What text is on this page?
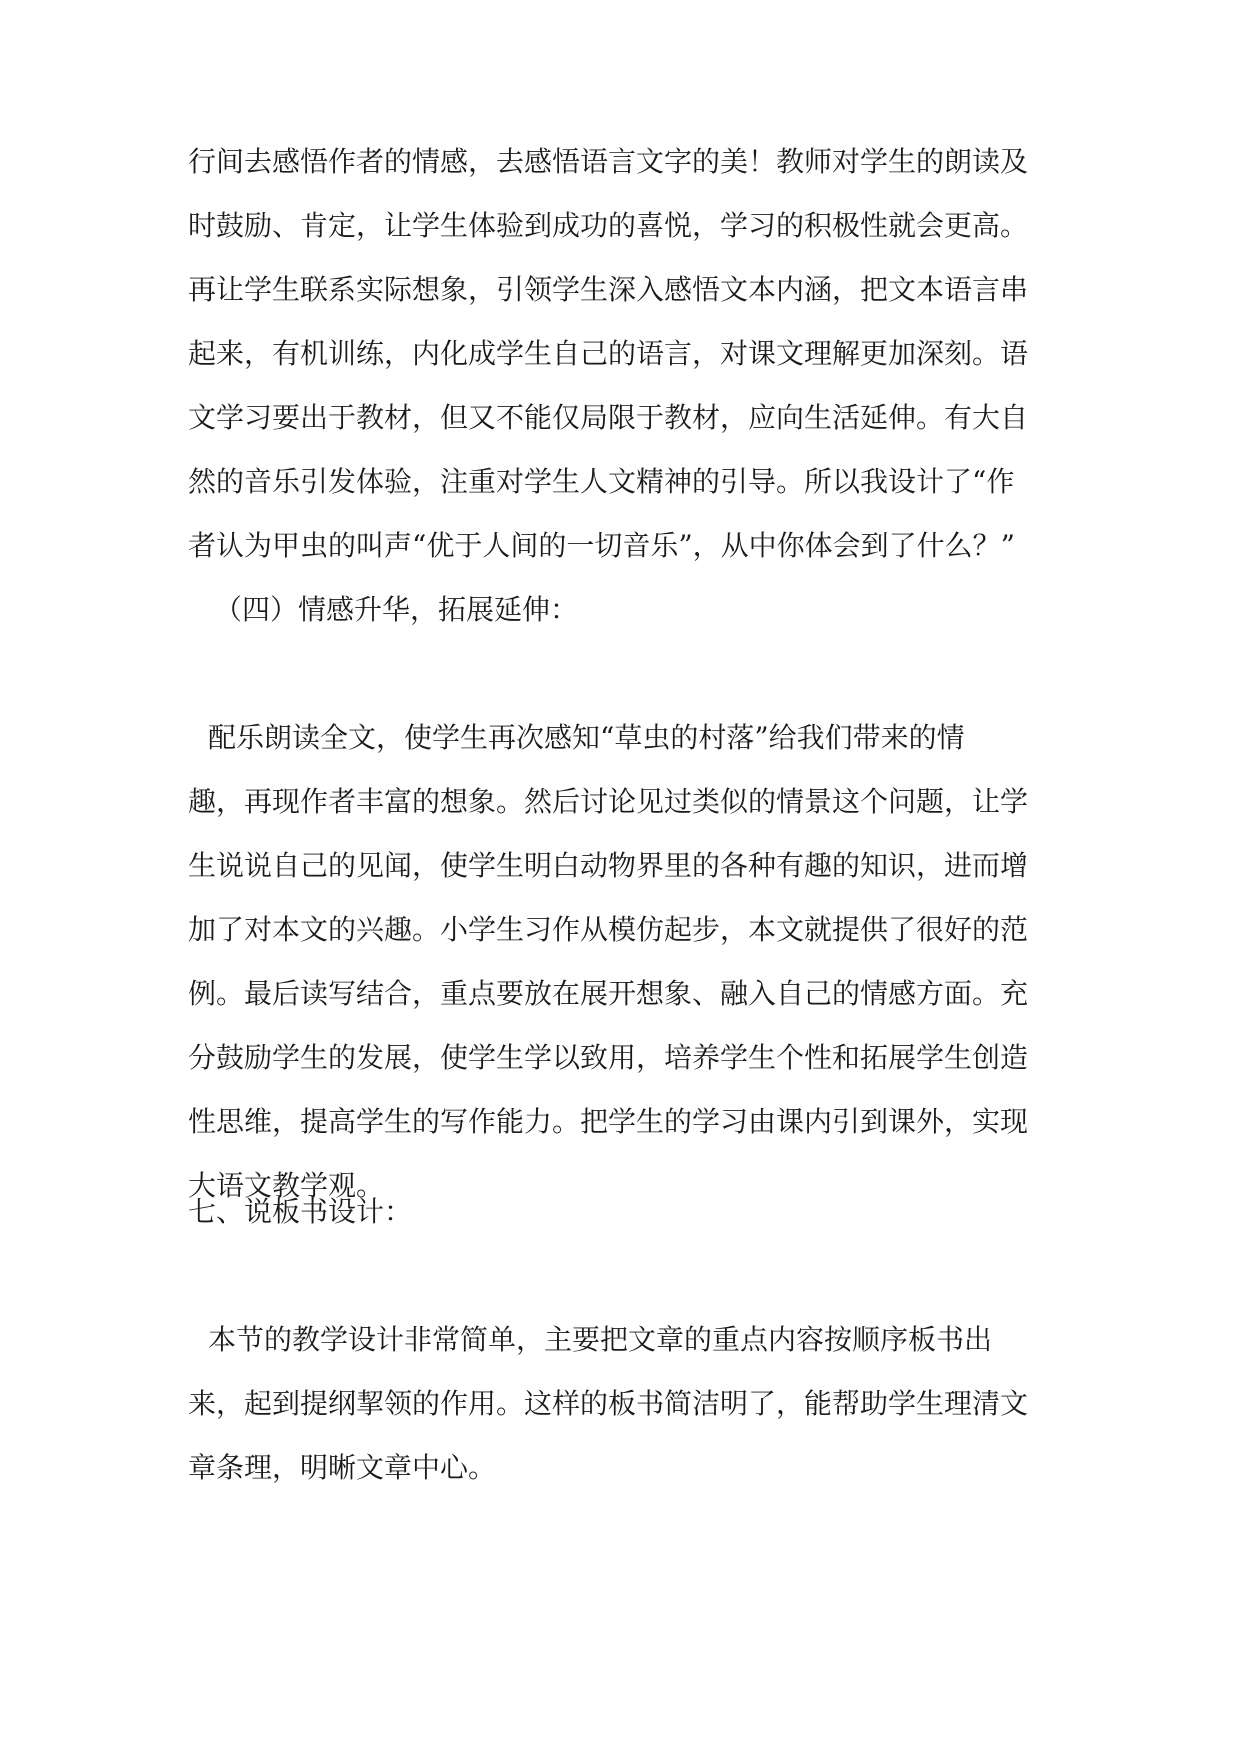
行间去感悟作者的情感，去感悟语言文字的美！教师对学生的朗读及
时鼓励、肯定，让学生体验到成功的喜悦，学习的积极性就会更高。
再让学生联系实际想象，引领学生深入感悟文本内涵，把文本语言串
起来，有机训练，内化成学生自己的语言，对课文理解更加深刻。语
文学习要出于教材，但又不能仅局限于教材，应向生活延伸。有大自
然的音乐引发体验，注重对学生人文精神的引导。所以我设计了“作
者认为甲虫的叫声“优于人间的一切音乐”，从中你体会到了什么？”

（四）情感升华，拓展延伸：

配乐朗读全文，使学生再次感知“草虫的村落”给我们带来的情
趣，再现作者丰富的想象。然后讨论见过类似的情景这个问题，让学
生说说自己的见闻，使学生明白动物界里的各种有趣的知识，进而增
加了对本文的兴趣。小学生习作从模仿起步，本文就提供了很好的范
例。最后读写结合，重点要放在展开想象、融入自己的情感方面。充
分鼓励学生的发展，使学生学以致用，培养学生个性和拓展学生创造
性思维，提高学生的写作能力。把学生的学习由课内引到课外，实现
大语文教学观。

七、说板书设计：

本节的教学设计非常简单，主要把文章的重点内容按顺序板书出
来，起到提纲挈领的作用。这样的板书简洁明了，能帮助学生理清文
章条理，明晰文章中心。
